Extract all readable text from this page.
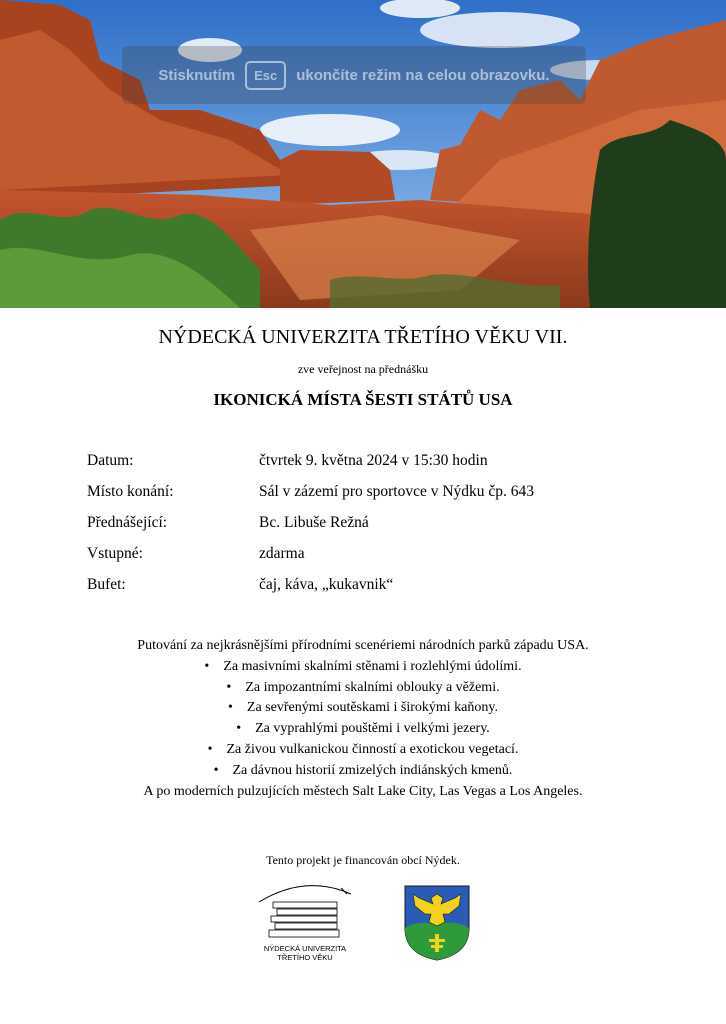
Stisknutím	Esc	ukončíte režim na celou obrazovku.
NÝDECKÁ UNIVERZITA TŘETÍHO VĚKU VII.
zve veřejnost na přednášku
IKONICKÁ MÍSTA ŠESTI STÁTŮ USA
Datum:	čtvrtek 9. května 2024 v 15:30 hodin
Místo konání:	Sál v zázemí pro sportovce v Nýdku čp. 643
Přednášející:	Bc. Libuše Režná
Vstupné:	zdarma
Bufet:	čaj, káva, „kukavnik“
Putování za nejkrásnějšími přírodními scenériemi národních parků západu USA.
• Za masivními skalními stěnami i rozlehlými údolími.
• Za impozantními skalními oblouky a věžemi.
• Za sevřenými soutěskami i širokými kaňony.
• Za vyprahlými pouštěmi i velkými jezery.
• Za živou vulkanickou činností a exotickou vegetací.
• Za dávnou historií zmizelých indiánských kmenů.
A po moderních pulzujících městech Salt Lake City, Las Vegas a Los Angeles.
Tento projekt je financován obcí Nýdek.
NÝDECKÁ UNIVERZITA
TŘETÍHO VĚKU
